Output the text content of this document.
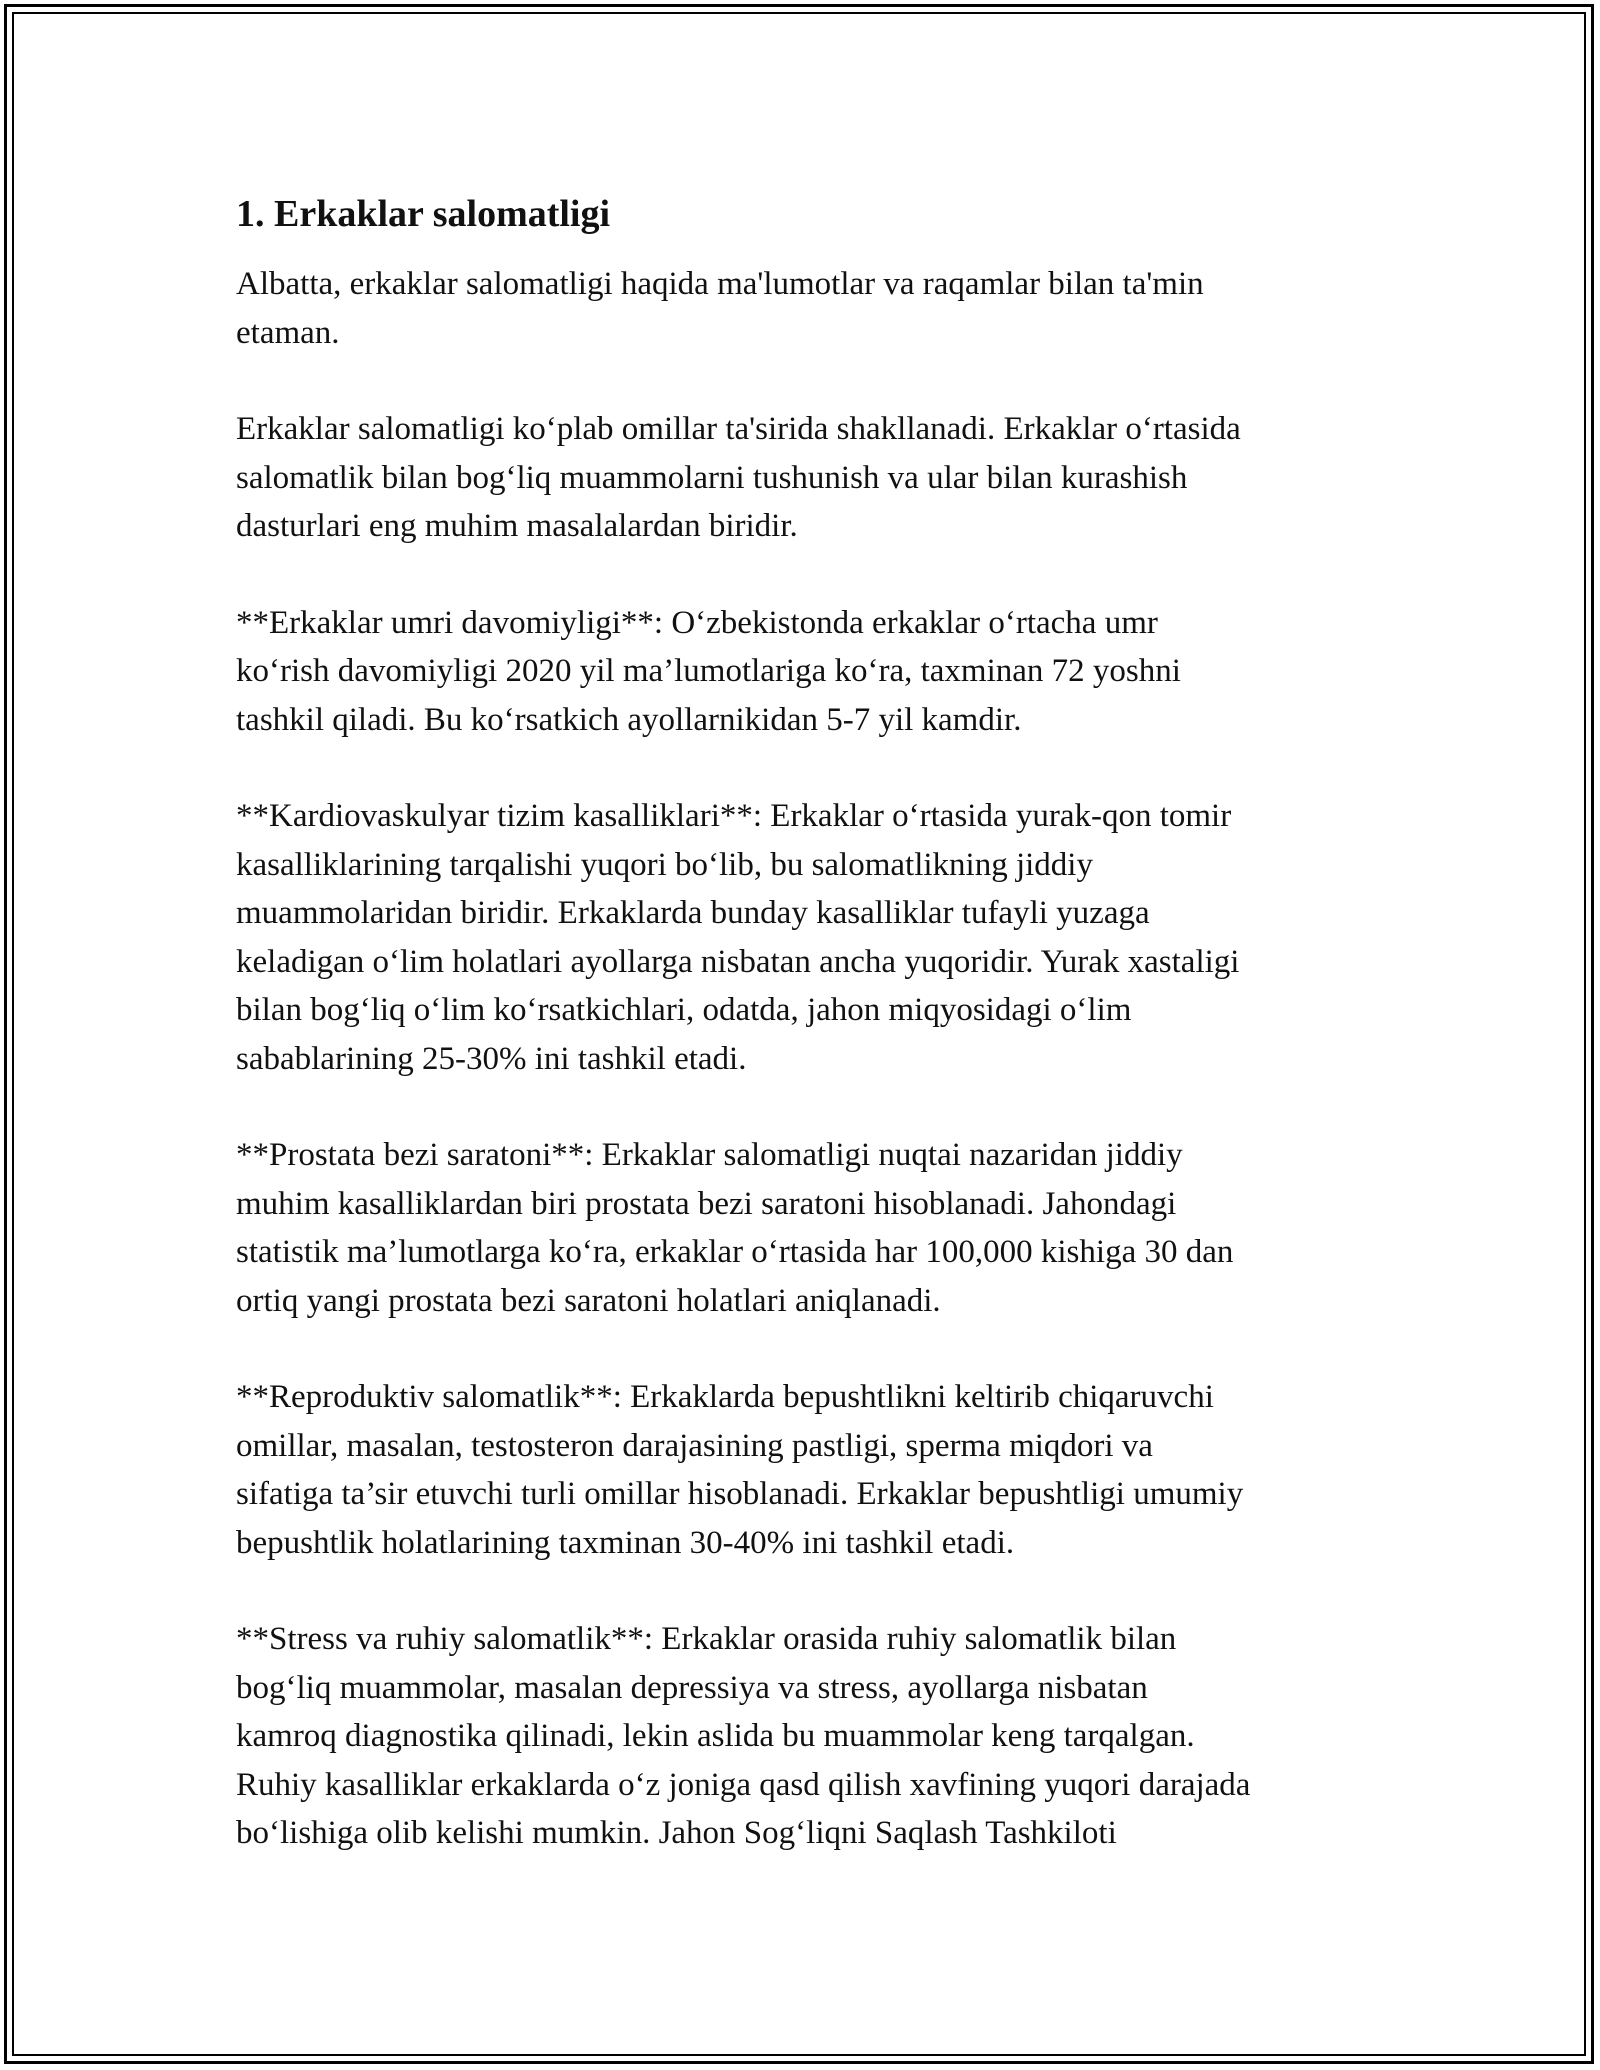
1. Erkaklar salomatligi

Albatta, erkaklar salomatligi haqida ma'lumotlar va raqamlar bilan ta'min
etaman.

Erkaklar salomatligi ko‘plab omillar ta'sirida shakllanadi. Erkaklar o‘rtasida
salomatlik bilan bog‘liq muammolarni tushunish va ular bilan kurashish
dasturlari eng muhim masalalardan biridir.

**Erkaklar umri davomiyligi**: O‘zbekistonda erkaklar o‘rtacha umr
ko‘rish davomiyligi 2020 yil ma’lumotlariga ko‘ra, taxminan 72 yoshni
tashkil qiladi. Bu ko‘rsatkich ayollarnikidan 5-7 yil kamdir.

**Kardiovaskulyar tizim kasalliklari**: Erkaklar o‘rtasida yurak-qon tomir
kasalliklarining tarqalishi yuqori bo‘lib, bu salomatlikning jiddiy
muammolaridan biridir. Erkaklarda bunday kasalliklar tufayli yuzaga
keladigan o‘lim holatlari ayollarga nisbatan ancha yuqoridir. Yurak xastaligi
bilan bog‘liq o‘lim ko‘rsatkichlari, odatda, jahon miqyosidagi o‘lim
sabablarining 25-30% ini tashkil etadi.

**Prostata bezi saratoni**: Erkaklar salomatligi nuqtai nazaridan jiddiy
muhim kasalliklardan biri prostata bezi saratoni hisoblanadi. Jahondagi
statistik ma’lumotlarga ko‘ra, erkaklar o‘rtasida har 100,000 kishiga 30 dan
ortiq yangi prostata bezi saratoni holatlari aniqlanadi.

**Reproduktiv salomatlik**: Erkaklarda bepushtlikni keltirib chiqaruvchi
omillar, masalan, testosteron darajasining pastligi, sperma miqdori va
sifatiga ta’sir etuvchi turli omillar hisoblanadi. Erkaklar bepushtligi umumiy
bepushtlik holatlarining taxminan 30-40% ini tashkil etadi.

**Stress va ruhiy salomatlik**: Erkaklar orasida ruhiy salomatlik bilan
bog‘liq muammolar, masalan depressiya va stress, ayollarga nisbatan
kamroq diagnostika qilinadi, lekin aslida bu muammolar keng tarqalgan.
Ruhiy kasalliklar erkaklarda o‘z joniga qasd qilish xavfining yuqori darajada
bo‘lishiga olib kelishi mumkin. Jahon Sog‘liqni Saqlash Tashkiloti
